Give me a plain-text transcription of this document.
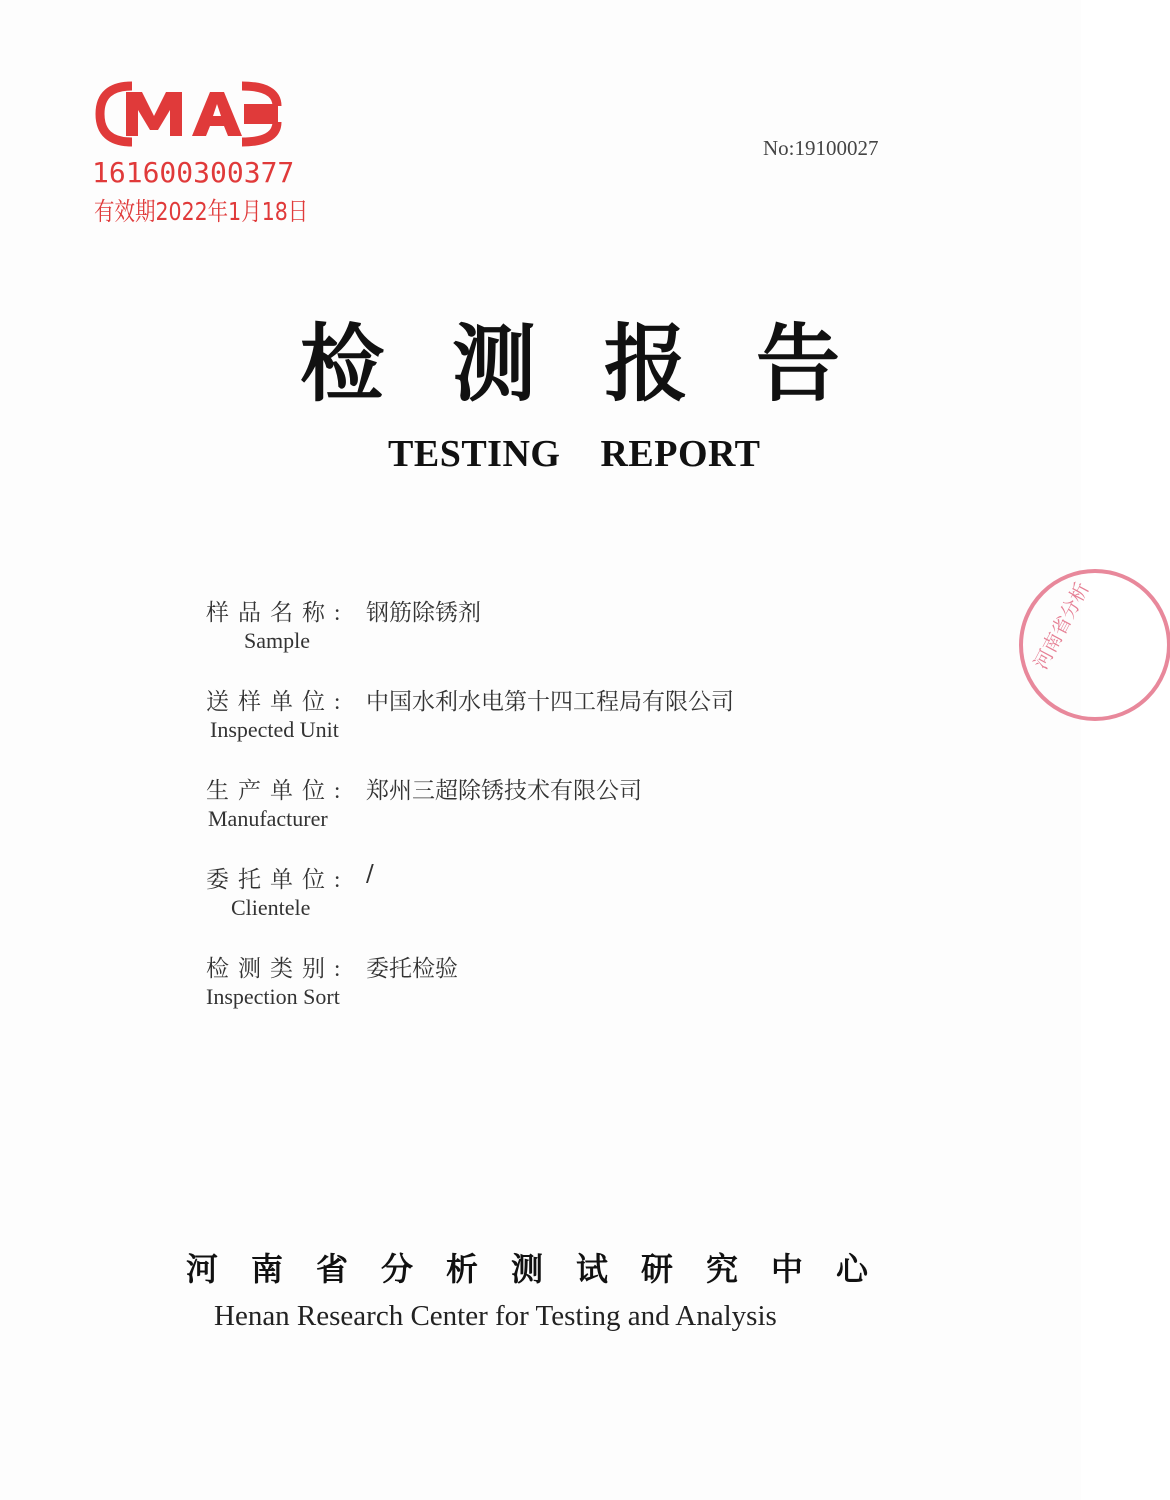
161600300377
有效期2022年1月18日
No:19100027
检测报告
TESTING    REPORT
样品名称: 钢筋除锈剂
Sample
送样单位: 中国水利水电第十四工程局有限公司
Inspected Unit
生产单位: 郑州三超除锈技术有限公司
Manufacturer
委托单位: /
Clientele
检测类别: 委托检验
Inspection Sort
河南省分析测试研究中心
Henan Research Center for Testing and Analysis
河南省分析
